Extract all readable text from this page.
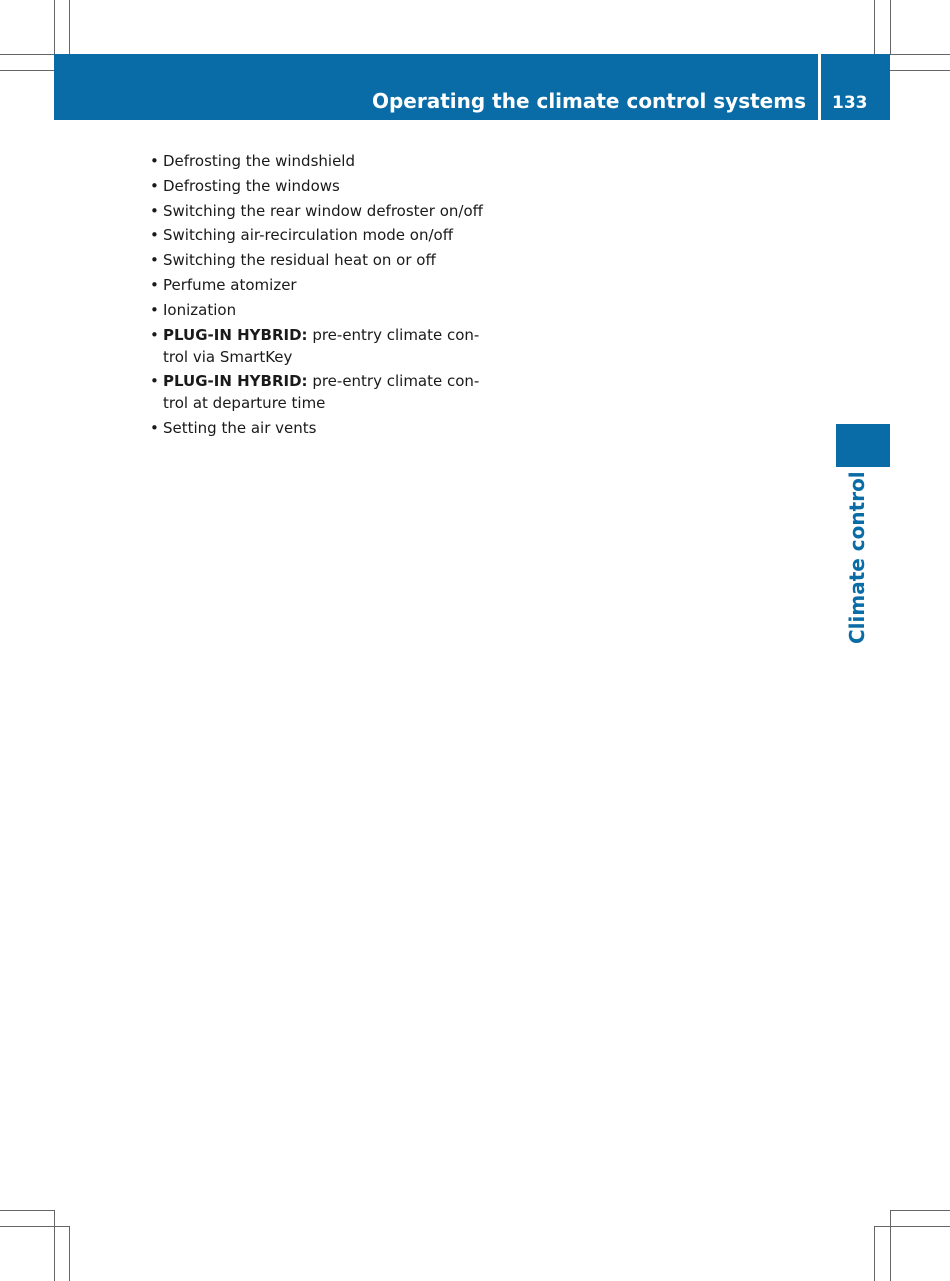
Operating the climate control systems 133
Climate control
• Defrosting the windshield
• Defrosting the windows
• Switching the rear window defroster on/off
• Switching air-recirculation mode on/off
• Switching the residual heat on or off
• Perfume atomizer
• Ionization
• PLUG-IN HYBRID: pre-entry climate con-trol via SmartKey
• PLUG-IN HYBRID: pre-entry climate con-trol at departure time
• Setting the air vents
